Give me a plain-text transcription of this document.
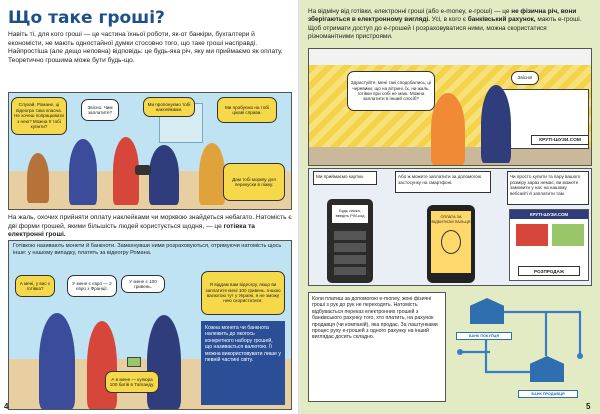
Що таке гроші?
Навіть ті, для кого гроші — це частина їхньої роботи, як-от банкіри, бухгалтери й економісти, не мають одностайної думки стосовно того, що таке гроші насправді. Найпростіша (але дещо неповна) відповідь: це будь-яка річ, яку ми приймаємо як оплату. Теоретично грошима може бути будь-що.
Слухай, Романе, ці відеогра така класна. Не хочеш попрацювати з нею? Можна її тобі купити?
Звісно. Чим заплатите?
Ми пропонуємо тобі наклейками.	Ми пробуємо на тобі цікаві справи.
Дам тобі моркву для перекуски в ліжку.
На жаль, охочих прийняти оплату наклейками чи морквою знайдеться небагато. Натомість є дві форми грошей, якими більшість людей користується щодня, — це готівка та електронні гроші.
Готівкою називають монети й банкноти. Замахнувши ними розраховуються, отримуючи натомість щось інше: у нашому випадку, платять за відеогру Романа.
А мені, у вас є готівка?
У мене є євро — 2 євро з Франції.
У мене є 100 гривень.	Я віддам вам відеогру, якщо ви заплатите мені 100 гривень. Іншою валютою тут у Україні, я не зможу нею скористатися.
А в мене — купюра 100 батів в Таїланду.
Кожна монета чи банкнота належить до якогось конкретного набору грошей, що називається валютою. Її можна використовувати лише у певній частині світу.
4
На відміну від готівки, електронні гроші (або e-money, е-гроші) — це не фізична річ, вони зберігаються в електронному вигляді. Усі, в кого є банківський рахунок, мають е-гроші. Щоб отримати доступ до е-грошей і розраховуватися ними, можна скористатися різноманітними пристроями.
Здрастуйте, мені такі сподобались, ці черевики, що на вітрині. Їх, на жаль, готівки при собі не маю. Можна заплатити в інший спосіб?
Звісно!
КРУТІ-ШУЗИ.COM
Ми приймаємо картки.	Або ж можете заплатити за допомогою застосунку на смартфоні.
Чи просто купити та пару вашого розміру зараз немає, ви можете замовити у нас на нашому вебсайті й заплатити там.
Будь ласка, введіть PIN-код	ОПЛАТА ЗА ВІДБИТКОМ ПАЛЬЦЯ
КРУТІ-ШУЗИ.COM
РОЗПРОДАЖ
Коли платиш за допомогою е-money, жоні фізичні гроші з рук до рук не переходять. Натомість відбувається переказ електронних грошей з банківського рахунку того, хто платить, на рахунок продавця (чи компаній), яка продає. За лаштунками процес руху е-грошей з одного рахунку на інший виглядає досить складно.	БАНК ПОКУПЦЯ
БАНК ПРОДАВЦЯ
5
